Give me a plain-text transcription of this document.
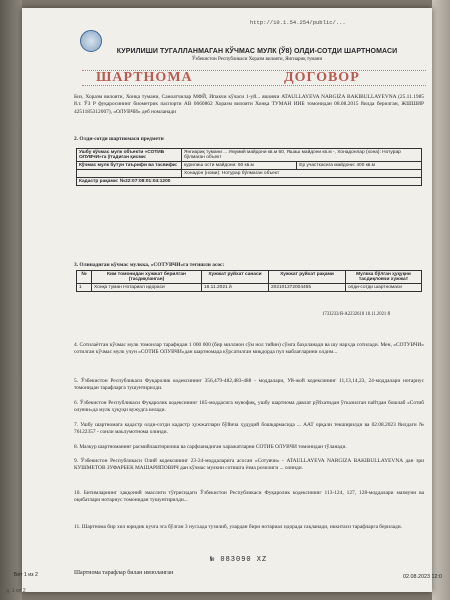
http://10.1.54.254/public/...
КУРИЛИШИ ТУГАЛЛАНМАГАН КЎЧМАС МУЛК (Ў8) ОЛДИ-СОТДИ ШАРТНОМАСИ
Ўзбекистон Республикаси Хоразм вилояти, Янгиариқ тумани
ШАРТНОМА	ДОГОВОР
Биз, Хоразм вилояти, Хонқа тумани, Саноатчилар МФЙ, Ипакчи кўчаси 1-уй... яшовчи ATAULLAYEVA NARGIZA BAKIBULLAYEVNA (25.11.1985 й.т. ЎЗ Р фуқаросининг биометрик паспорти AB 0660862 Хоразм вилояти Хонқа ТУМАН ИИБ томонидан 08.08.2015 йилда берилган, ЖШШИР 4251185312007), «ОЛУВЧИ» деб номланади
2. Олди-сотди шартномаси предмети
Ушбу кўчмас мулк объекти «СОТИБ ОЛУВЧИ»га ўтадиган қисми:	Янгиариқ тумани ... Умумий майдони кв.м 60, Яшаш майдони кв.м -, Хонадонлар (хона): Нотурар бўлмаган объект	
Кўчмас мулк бутун таърифи ва тасвифи:	курилиш ости майдони: 60 кв.м	Ер участкасига майдони: 400 кв.м
	Хонадон (номи): Нотурар бўлмаган объект	
Кадастр рақами: №22:07:08:01:04:1200		
3. Олинадиган кўчмас мулкка, «СОТУВЧИ»га тегишли асос:
№	Ким томонидан хужжат берилган (тасдиқланган)	Хужжат руйхат санаси	Хужжат руйхат рақами	Мулкка бўлган ҳуқуқни тасдиқловчи хужжат
1	Хонқа туман Нотариал идораси	18.11.2021 й	202101372004465	олди-сотди шартномаси
1733233/Я-А2232618 18.11.2021 й
4. Сотилаётган кўчмас мулк томонлар тарафидан 1 000 000 (бир миллион сўм нол тийин) сўмга баҳоланади ва шу нархда сотилади. Мен, «СОТУВЧИ» сотилган кўчмас мулк учун «СОТИБ ОЛУВЧИ»дан шартномада кўрсатилган миқдорда пул маблағларини олдим...
5. Ўзбекистон Республикаси Фуқаролик кодексининг 356,479-482,483-488 - моддалари, Уй-жой кодексининг 11,13,14,23, 24-моддалари нотариус томонидан тарафларга тушунтирилди.
6. Ўзбекистон Республикаси Фуқаролик кодексининг 185-моддасига мувофиқ, ушбу шартнома давлат рўйхатидан ўтказилган пайтдан бошлаб «Сотиб олувчи»да мулк ҳуқуқи вужудга келади.
7. Ушбу шартномага кадастр олди-сотди кадастр ҳужжатлари бўйича ҳудудий бошқармасида ... ААТ орқали текширилди ва 02.08.2023 йилдаги № 76122357 - сонли маълумотнома олинди.
8. Мазкур шартноманинг расмийлаштирилиш ва сарфланадиган харажатларни СОТИБ ОЛУВЧИ томонидан тўланади.
9. Ўзбекистон Республикаси Олий кодексининг 23-24-моддаларига асосан «Сотувчи» - ATAULLAYEVA NARGIZA BAKIBULLAYEVNA дан эри КУШМЕТОВ ЗУФАРБЕК МАШАРИПОВИЧ дан кўчмас мулкни сотишга ёзма розилиги ... олинди.
10. Битимларнинг ҳаққоний эмаслиги тўғрисидаги Ўзбекистон Республикаси Фуқаролик кодексининг 113-124, 127, 128-моддалари мазмуни ва оқибатлари нотариус томонидан тушунтирилди...
11. Шартнома бир хил юридик кучга эга бўлган 3 нусхада тузилиб, улардан бири нотариал идорада сақланади, иккитаси тарафларга берилади.
№ 083090 XZ
Шартнома тарафлар билан имзоланган
Бет 1 из 2	02.08.2023 12:0
д. 1 ол 2
